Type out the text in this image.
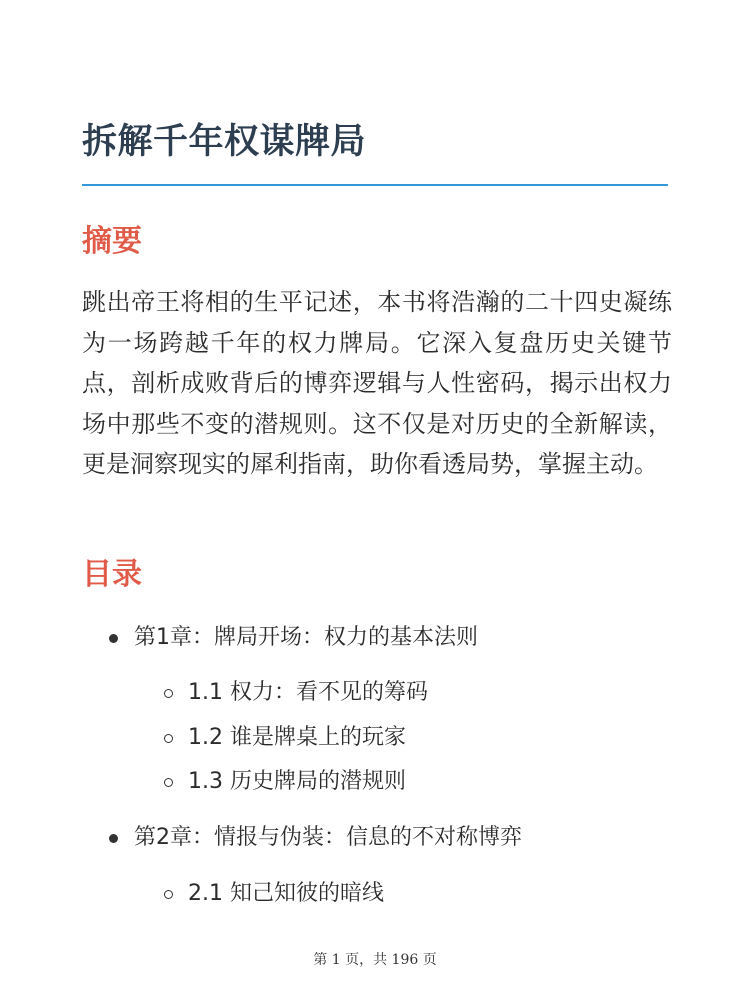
拆解千年权谋牌局
摘要

跳出帝王将相的生平记述，本书将浩瀚的二十四史凝练为一场跨越千年的权力牌局。它深入复盘历史关键节点，剖析成败背后的博弈逻辑与人性密码，揭示出权力场中那些不变的潜规则。这不仅是对历史的全新解读，更是洞察现实的犀利指南，助你看透局势，掌握主动。

目录
第1章：牌局开场：权力的基本法则
1.1 权力：看不见的筹码
1.2 谁是牌桌上的玩家
1.3 历史牌局的潜规则
第2章：情报与伪装：信息的不对称博弈
2.1 知己知彼的暗线
第 1 页，共 196 页
